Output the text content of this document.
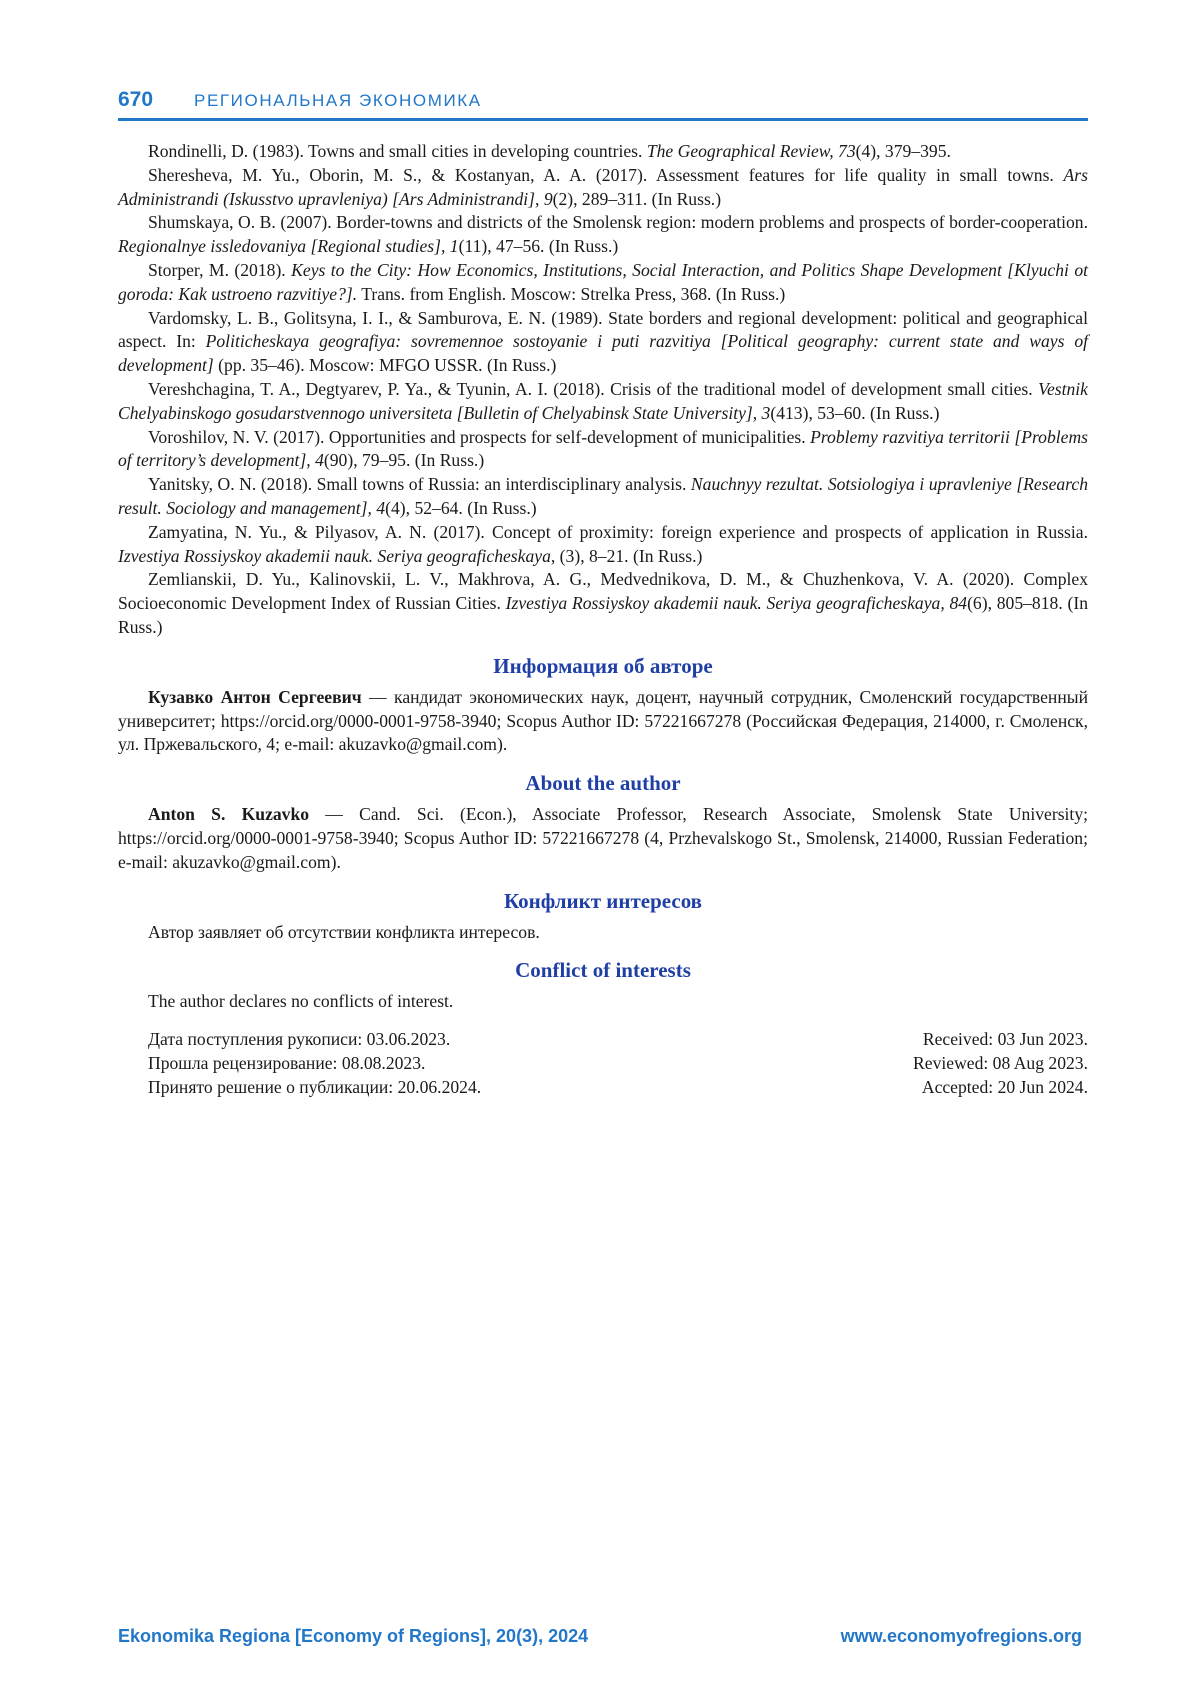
670 РЕГИОНАЛЬНАЯ ЭКОНОМИКА

Rondinelli, D. (1983). Towns and small cities in developing countries. The Geographical Review, 73(4), 379–395.

Sheresheva, M. Yu., Oborin, M. S., & Kostanyan, A. A. (2017). Assessment features for life quality in small towns. Ars Administrandi (Iskusstvo upravleniya) [Ars Administrandi], 9(2), 289–311. (In Russ.)

Shumskaya, O. B. (2007). Border-towns and districts of the Smolensk region: modern problems and prospects of border-cooperation. Regionalnye issledovaniya [Regional studies], 1(11), 47–56. (In Russ.)

Storper, M. (2018). Keys to the City: How Economics, Institutions, Social Interaction, and Politics Shape Development [Klyuchi ot goroda: Kak ustroeno razvitiye?]. Trans. from English. Moscow: Strelka Press, 368. (In Russ.)

Vardomsky, L. B., Golitsyna, I. I., & Samburova, E. N. (1989). State borders and regional development: political and geographical aspect. In: Politicheskaya geografiya: sovremennoe sostoyanie i puti razvitiya [Political geography: current state and ways of development] (pp. 35–46). Moscow: MFGO USSR. (In Russ.)

Vereshchagina, T. A., Degtyarev, P. Ya., & Tyunin, A. I. (2018). Crisis of the traditional model of development small cities. Vestnik Chelyabinskogo gosudarstvennogo universiteta [Bulletin of Chelyabinsk State University], 3(413), 53–60. (In Russ.)

Voroshilov, N. V. (2017). Opportunities and prospects for self-development of municipalities. Problemy razvitiya territorii [Problems of territory’s development], 4(90), 79–95. (In Russ.)

Yanitsky, O. N. (2018). Small towns of Russia: an interdisciplinary analysis. Nauchnyy rezultat. Sotsiologiya i upravleniye [Research result. Sociology and management], 4(4), 52–64. (In Russ.)

Zamyatina, N. Yu., & Pilyasov, A. N. (2017). Concept of proximity: foreign experience and prospects of application in Russia. Izvestiya Rossiyskoy akademii nauk. Seriya geograficheskaya, (3), 8–21. (In Russ.)

Zemlianskii, D. Yu., Kalinovskii, L. V., Makhrova, A. G., Medvednikova, D. M., & Chuzhenkova, V. A. (2020). Complex Socioeconomic Development Index of Russian Cities. Izvestiya Rossiyskoy akademii nauk. Seriya geograficheskaya, 84(6), 805–818. (In Russ.)

Информация об авторе

Кузавко Антон Сергеевич — кандидат экономических наук, доцент, научный сотрудник, Смоленский государственный университет; https://orcid.org/0000-0001-9758-3940; Scopus Author ID: 57221667278 (Российская Федерация, 214000, г. Смоленск, ул. Пржевальского, 4; e-mail: akuzavko@gmail.com).

About the author

Anton S. Kuzavko — Cand. Sci. (Econ.), Associate Professor, Research Associate, Smolensk State University; https://orcid.org/0000-0001-9758-3940; Scopus Author ID: 57221667278 (4, Przhevalskogo St., Smolensk, 214000, Russian Federation; e-mail: akuzavko@gmail.com).

Конфликт интересов

Автор заявляет об отсутствии конфликта интересов.

Conflict of interests

The author declares no conflicts of interest.

Дата поступления рукописи: 03.06.2023.	Received: 03 Jun 2023.
Прошла рецензирование: 08.08.2023.	Reviewed: 08 Aug 2023.
Принято решение о публикации: 20.06.2024.	Accepted: 20 Jun 2024.
Ekonomika Regiona [Economy of Regions], 20(3), 2024	www.economyofregions.org
